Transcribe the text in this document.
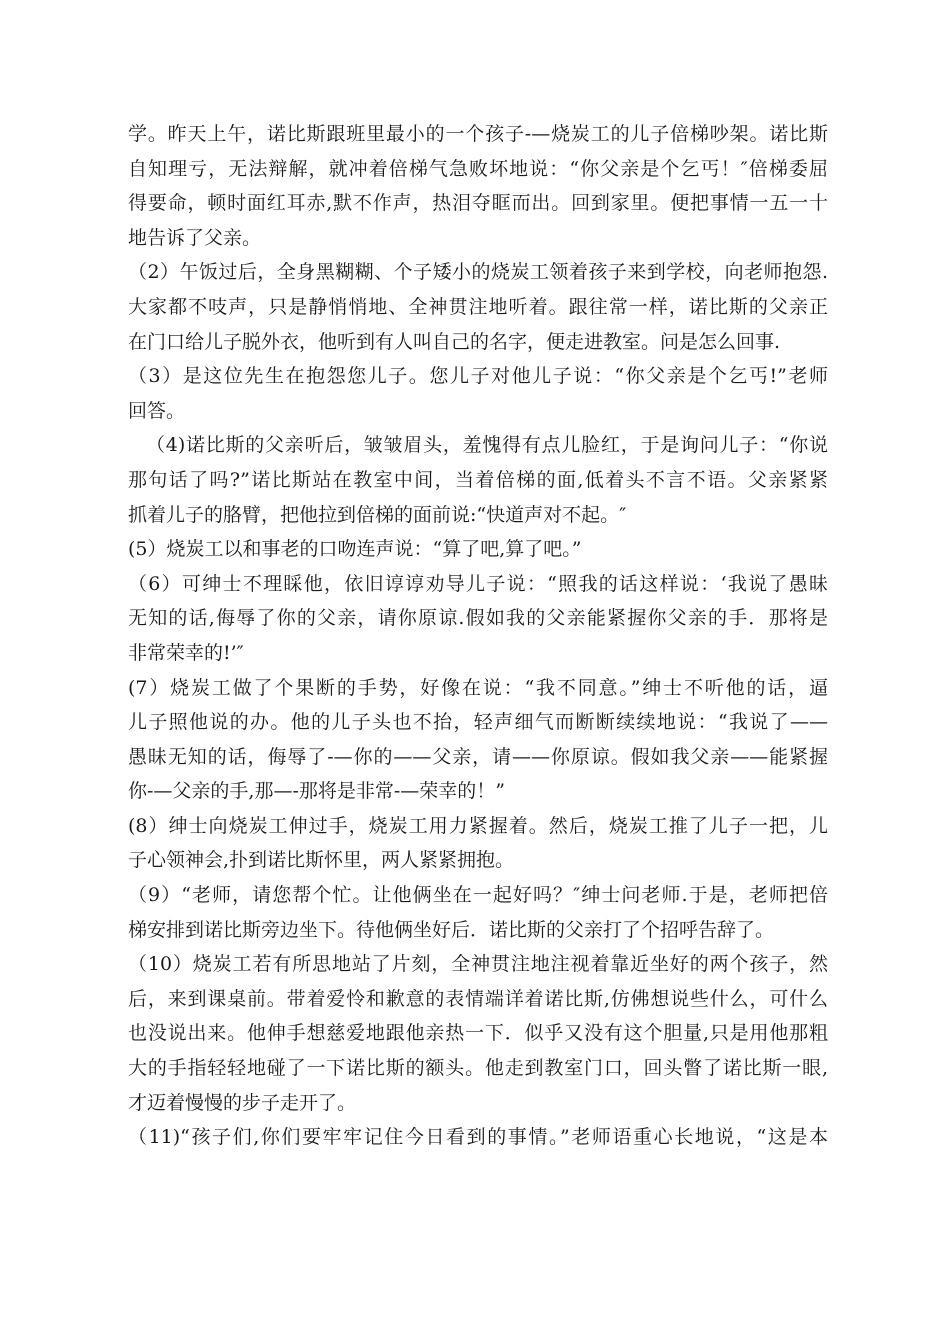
学。昨天上午，诺比斯跟班里最小的一个孩子-—烧炭工的儿子倍梯吵架。诺比斯
自知理亏，无法辩解，就冲着倍梯气急败坏地说：“你父亲是个乞丐！″倍梯委屈
得要命，顿时面红耳赤,默不作声，热泪夺眶而出。回到家里。便把事情一五一十
地告诉了父亲。
（2）午饭过后，全身黑糊糊、个子矮小的烧炭工领着孩子来到学校，向老师抱怨.
大家都不吱声，只是静悄悄地、全神贯注地听着。跟往常一样，诺比斯的父亲正
在门口给儿子脱外衣，他听到有人叫自己的名字，便走进教室。问是怎么回事.
（3）是这位先生在抱怨您儿子。您儿子对他儿子说：“你父亲是个乞丐!”老师
回答。
（4)诺比斯的父亲听后，皱皱眉头，羞愧得有点儿脸红，于是询问儿子：“你说
那句话了吗?”诺比斯站在教室中间，当着倍梯的面,低着头不言不语。父亲紧紧
抓着儿子的胳臂，把他拉到倍梯的面前说:“快道声对不起。″
(5）烧炭工以和事老的口吻连声说：“算了吧,算了吧。”
（6）可绅士不理睬他，依旧谆谆劝导儿子说：“照我的话这样说：‘我说了愚昧
无知的话,侮辱了你的父亲，请你原谅.假如我的父亲能紧握你父亲的手．那将是
非常荣幸的!’″
(7）烧炭工做了个果断的手势，好像在说：“我不同意。”绅士不听他的话，逼
儿子照他说的办。他的儿子头也不抬，轻声细气而断断续续地说：“我说了——
愚昧无知的话，侮辱了-—你的——父亲，请——你原谅。假如我父亲——能紧握
你-—父亲的手,那—-那将是非常-—荣幸的！”
(8）绅士向烧炭工伸过手，烧炭工用力紧握着。然后，烧炭工推了儿子一把，儿
子心领神会,扑到诺比斯怀里，两人紧紧拥抱。
（9）“老师，请您帮个忙。让他俩坐在一起好吗？″绅士问老师.于是，老师把倍
梯安排到诺比斯旁边坐下。待他俩坐好后．诺比斯的父亲打了个招呼告辞了。
（10）烧炭工若有所思地站了片刻，全神贯注地注视着靠近坐好的两个孩子，然
后，来到课桌前。带着爱怜和歉意的表情端详着诺比斯,仿佛想说些什么，可什么
也没说出来。他伸手想慈爱地跟他亲热一下．似乎又没有这个胆量,只是用他那粗
大的手指轻轻地碰了一下诺比斯的额头。他走到教室门口，回头瞥了诺比斯一眼,
才迈着慢慢的步子走开了。
（11)“孩子们,你们要牢牢记住今日看到的事情。”老师语重心长地说，“这是本
